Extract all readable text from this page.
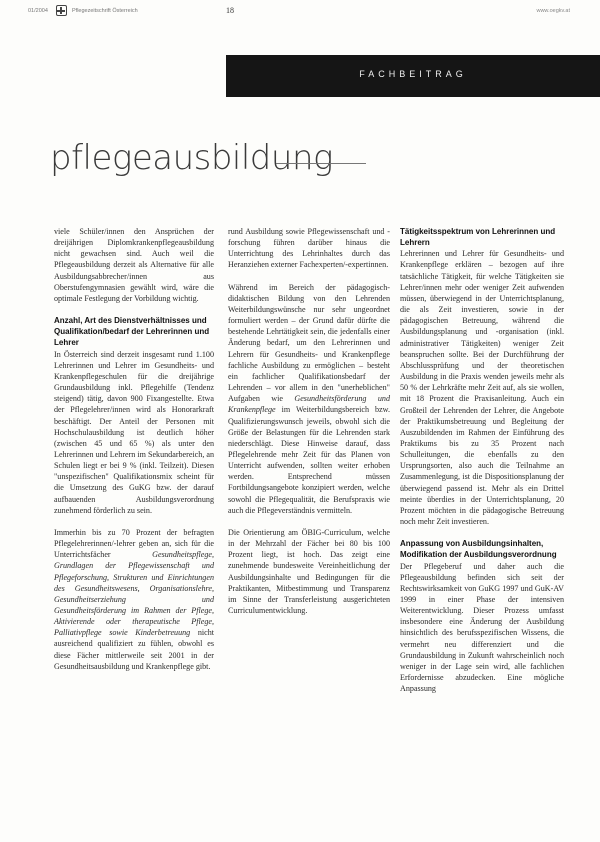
01/2004	Pflegezeitschrift Österreich	18	www.oegkv.at
FACHBEITRAG
pflegeausbildung

viele Schüler/innen den Ansprüchen der dreijährigen Diplomkrankenpflegeausbildung nicht gewachsen sind. Auch weil die Pflegeausbildung derzeit als Alternative für alle Ausbildungsabbrecher/innen aus Oberstufengymnasien gewählt wird, wäre die optimale Festlegung der Vorbildung wichtig.

Anzahl, Art des Dienstverhältnisses und Qualifikation/bedarf der Lehrerinnen und Lehrer

In Österreich sind derzeit insgesamt rund 1.100 Lehrerinnen und Lehrer im Gesundheits- und Krankenpflegeschulen für die dreijährige Grundausbildung inkl. Pflegehilfe (Tendenz steigend) tätig, davon 900 Fixangestellte. Etwa der Pflegelehrer/innen wird als Honorarkraft beschäftigt. Der Anteil der Personen mit Hochschulausbildung ist deutlich höher (zwischen 45 und 65 %) als unter den Lehrerinnen und Lehrern im Sekundarbereich, an Schulen liegt er bei 9 % (inkl. Teilzeit). Diesen "unspezifischen" Qualifikationsmix scheint für die Umsetzung des GuKG bzw. der darauf aufbauenden Ausbildungsverordnung zunehmend förderlich zu sein.

Immerhin bis zu 70 Prozent der befragten Pflegelehrerinnen/-lehrer geben an, sich für die Unterrichtsfächer	Gesundheitspflege, Grundlagen der Pflegewissenschaft und Pflegeforschung, Strukturen und Einrichtungen des Gesundheitswesens, Organisationslehre, Gesundheitserziehung und Gesundheitsförderung im Rahmen der Pflege, Aktivierende oder therapeutische Pflege, Palliativpflege sowie Kinderbetreuung nicht ausreichend qualifiziert zu fühlen, obwohl es diese Fächer mittlerweile seit 2001 in der Gesundheitsausbildung und Krankenpflege gibt.

rund Ausbildung sowie Pflegewissenschaft und -forschung führen darüber hinaus die Unterrichtung des Lehrinhaltes durch das Heranziehen externer Fachexperten/-expertinnen.

Während im Bereich der pädagogisch-didaktischen Bildung von den Lehrenden Weiterbildungswünsche nur sehr ungeordnet formuliert werden – der Grund dafür dürfte die bestehende Lehrtätigkeit sein, die jedenfalls einer Änderung bedarf, um den Lehrerinnen und Lehrern für Gesundheits- und Krankenpflege fachliche Ausbildung zu ermöglichen – besteht ein fachlicher Qualifikationsbedarf der Lehrenden – vor allem in den "unerheblichen" Aufgaben wie Gesundheitsförderung und Krankenpflege im Weiterbildungsbereich bzw. Qualifizierungswunsch jeweils, obwohl sich die Größe der Belastungen für die Lehrenden stark niederschlägt. Diese Hinweise darauf, dass Pflegelehrende mehr Zeit für das Planen von Unterricht aufwenden, sollten weiter erhoben werden. Entsprechend müssen Fortbildungsangebote konzipiert werden, welche sowohl die Pflegequalität, die Berufspraxis wie auch die Pflegeverständnis vermitteln.

Die Orientierung am ÖBIG-Curriculum, welche in der Mehrzahl der Fächer bei 80 bis 100 Prozent liegt, ist hoch. Das zeigt eine zunehmende bundesweite Vereinheitlichung der Ausbildungsinhalte und Bedingungen für die Praktikanten, Mitbestimmung und Transparenz im Sinne der Transferleistung ausgerichteten Curriculumentwicklung.

Tätigkeitsspektrum von Lehrerinnen und Lehrern

Lehrerinnen und Lehrer für Gesundheits- und Krankenpflege erklären – bezogen auf ihre tatsächliche Tätigkeit, für welche Tätigkeiten sie Lehrer/innen mehr oder weniger Zeit aufwenden müssen, überwiegend in der Unterrichtsplanung, die als Zeit investieren, sowie in der pädagogischen Betreuung, während die Ausbildungsplanung und -organisation (inkl. administrativer Tätigkeiten) weniger Zeit beanspruchen sollte. Bei der Durchführung der Abschlussprüfung und der theoretischen Ausbildung in die Praxis wenden jeweils mehr als 50 % der Lehrkräfte mehr Zeit auf, als sie wollen, mit 18 Prozent die Praxisanleitung. Auch ein Großteil der Lehrenden der Lehrer, die Angebote der Praktikumsbetreuung und Begleitung der Auszubildenden im Rahmen der Einführung des Praktikums bis zu 35 Prozent nach Schulleitungen, die ebenfalls zu den Ursprungsorten, also auch die Teilnahme an Zusammenlegung, ist die Dispositionsplanung der überwiegend passend ist. Mehr als ein Drittel meinte überdies in der Unterrichtsplanung, 20 Prozent möchten in die pädagogische Betreuung noch mehr Zeit investieren.

Anpassung von Ausbildungsinhalten, Modifikation der Ausbildungsverordnung

Der Pflegeberuf und daher auch die Pflegeausbildung befinden sich seit der Rechtswirksamkeit von GuKG 1997 und GuK-AV 1999 in einer Phase der intensiven Weiterentwicklung. Dieser Prozess umfasst insbesondere eine Änderung der Ausbildung hinsichtlich des berufsspezifischen Wissens, die vermehrt neu differenziert und die Grundausbildung in Zukunft wahrscheinlich noch weniger in der Lage sein wird, alle fachlichen Erfordernisse abzudecken. Eine mögliche Anpassung
